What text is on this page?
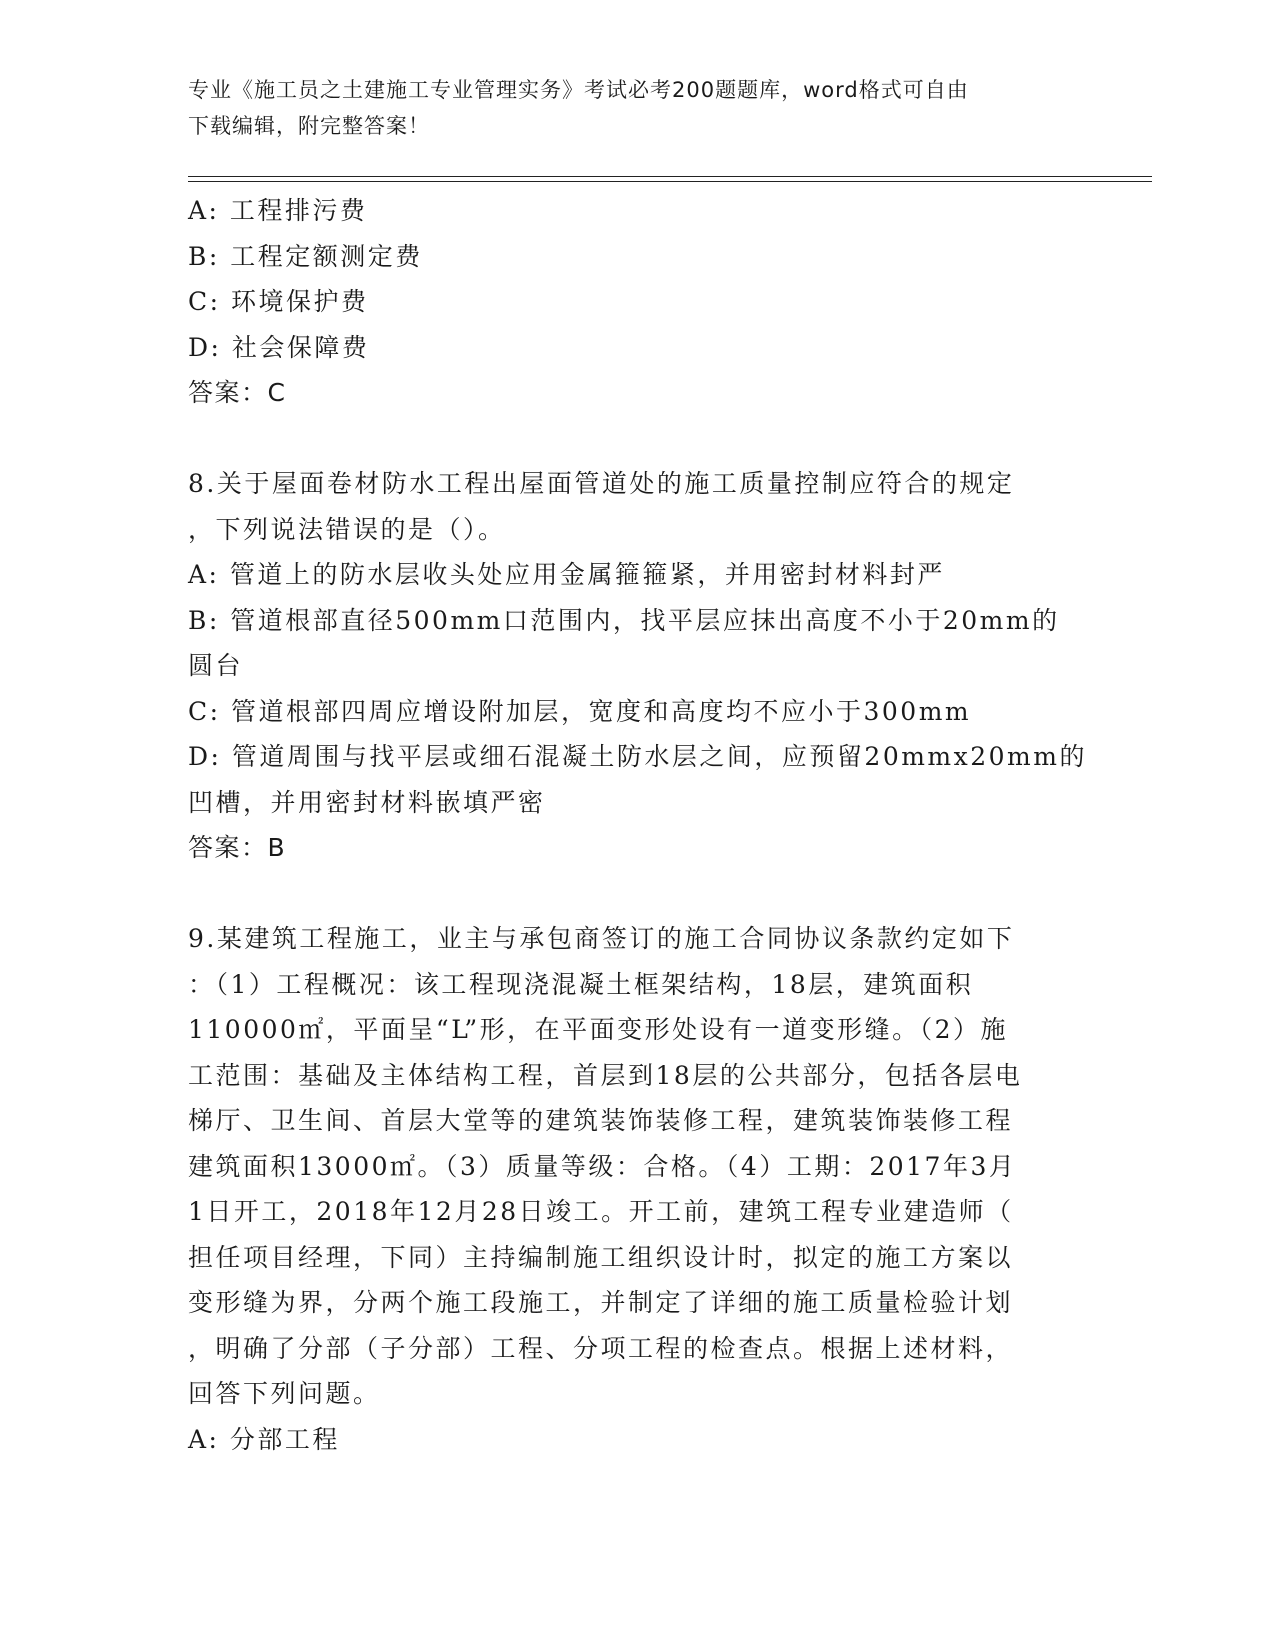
专业《施工员之土建施工专业管理实务》考试必考200题题库，word格式可自由
下载编辑，附完整答案！
A: 工程排污费
B: 工程定额测定费
C: 环境保护费
D: 社会保障费
答案：C
8.关于屋面卷材防水工程出屋面管道处的施工质量控制应符合的规定
，下列说法错误的是（）。
A: 管道上的防水层收头处应用金属箍箍紧，并用密封材料封严
B: 管道根部直径500mm口范围内，找平层应抹出高度不小于20mm的
圆台
C: 管道根部四周应增设附加层，宽度和高度均不应小于300mm
D: 管道周围与找平层或细石混凝土防水层之间，应预留20mmx20mm的
凹槽，并用密封材料嵌填严密
答案：B
9.某建筑工程施工，业主与承包商签订的施工合同协议条款约定如下
：（1）工程概况：该工程现浇混凝土框架结构，18层，建筑面积
110000㎡，平面呈“L”形，在平面变形处设有一道变形缝。（2）施
工范围：基础及主体结构工程，首层到18层的公共部分，包括各层电
梯厅、卫生间、首层大堂等的建筑装饰装修工程，建筑装饰装修工程
建筑面积13000㎡。（3）质量等级：合格。（4）工期：2017年3月
1日开工，2018年12月28日竣工。开工前，建筑工程专业建造师（
担任项目经理，下同）主持编制施工组织设计时，拟定的施工方案以
变形缝为界，分两个施工段施工，并制定了详细的施工质量检验计划
，明确了分部（子分部）工程、分项工程的检查点。根据上述材料，
回答下列问题。
A: 分部工程
